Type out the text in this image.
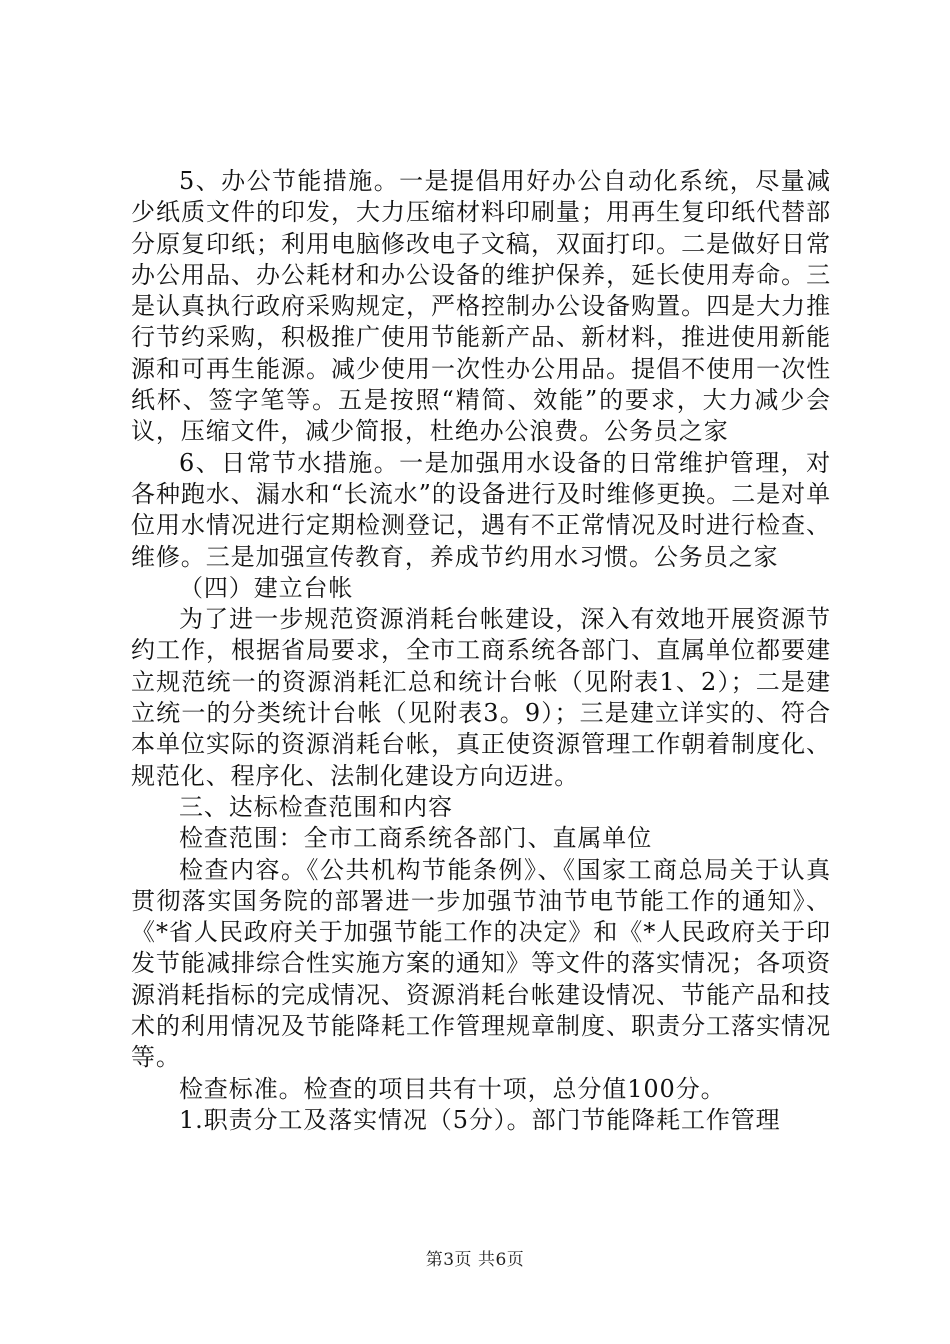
5、办公节能措施。一是提倡用好办公自动化系统，尽量减少纸质文件的印发，大力压缩材料印刷量；用再生复印纸代替部分原复印纸；利用电脑修改电子文稿，双面打印。二是做好日常办公用品、办公耗材和办公设备的维护保养，延长使用寿命。三是认真执行政府采购规定，严格控制办公设备购置。四是大力推行节约采购，积极推广使用节能新产品、新材料，推进使用新能源和可再生能源。减少使用一次性办公用品。提倡不使用一次性纸杯、签字笔等。五是按照“精简、效能”的要求，大力减少会议，压缩文件，减少简报，杜绝办公浪费。公务员之家

6、日常节水措施。一是加强用水设备的日常维护管理，对各种跑水、漏水和“长流水”的设备进行及时维修更换。二是对单位用水情况进行定期检测登记，遇有不正常情况及时进行检查、维修。三是加强宣传教育，养成节约用水习惯。公务员之家

（四）建立台帐

为了进一步规范资源消耗台帐建设，深入有效地开展资源节约工作，根据省局要求，全市工商系统各部门、直属单位都要建立规范统一的资源消耗汇总和统计台帐（见附表1、2）；二是建立统一的分类统计台帐（见附表3。9）；三是建立详实的、符合本单位实际的资源消耗台帐，真正使资源管理工作朝着制度化、规范化、程序化、法制化建设方向迈进。

三、达标检查范围和内容

检查范围：全市工商系统各部门、直属单位

检查内容。《公共机构节能条例》、《国家工商总局关于认真贯彻落实国务院的部署进一步加强节油节电节能工作的通知》、《*省人民政府关于加强节能工作的决定》和《*人民政府关于印发节能减排综合性实施方案的通知》等文件的落实情况；各项资源消耗指标的完成情况、资源消耗台帐建设情况、节能产品和技术的利用情况及节能降耗工作管理规章制度、职责分工落实情况等。

检查标准。检查的项目共有十项，总分值100分。

1.职责分工及落实情况（5分）。部门节能降耗工作管理

第3页 共6页
